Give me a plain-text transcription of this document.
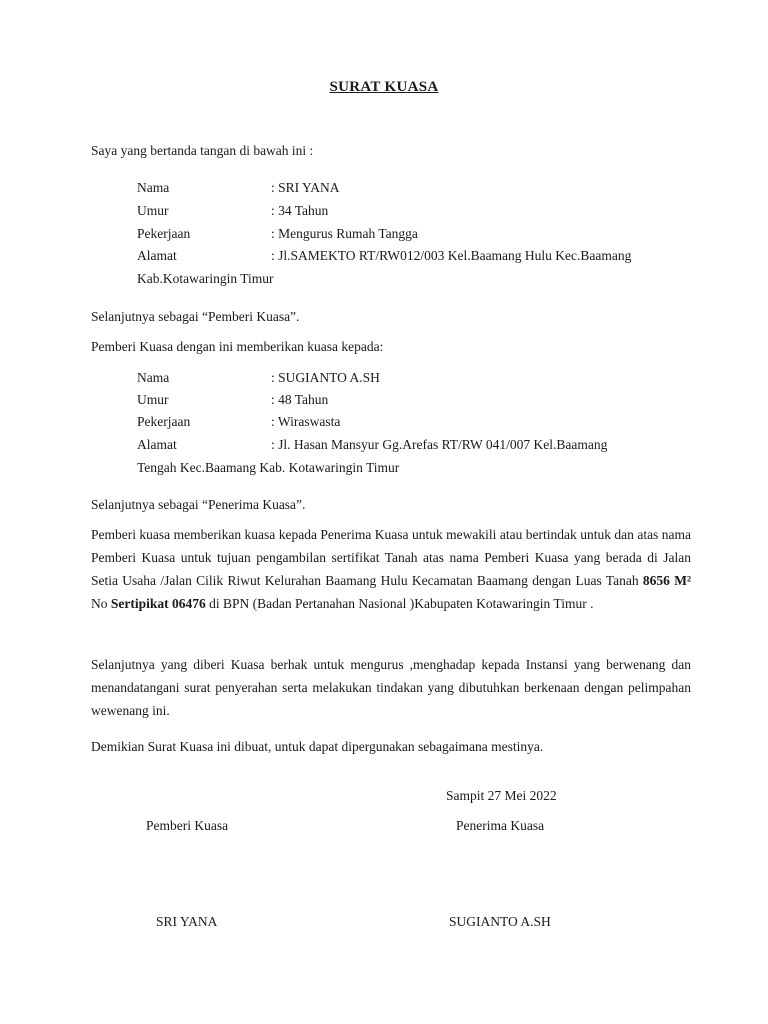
SURAT KUASA
Saya yang bertanda tangan di bawah ini :
Nama	: SRI YANA
Umur	: 34 Tahun
Pekerjaan	: Mengurus Rumah Tangga
Alamat	: Jl.SAMEKTO RT/RW012/003 Kel.Baamang Hulu Kec.Baamang
Kab.Kotawaringin Timur
Selanjutnya sebagai “Pemberi Kuasa”.
Pemberi Kuasa dengan ini memberikan kuasa kepada:
Nama	: SUGIANTO A.SH
Umur	: 48 Tahun
Pekerjaan	: Wiraswasta
Alamat	: Jl. Hasan Mansyur Gg.Arefas RT/RW 041/007 Kel.Baamang
Tengah Kec.Baamang Kab. Kotawaringin Timur
Selanjutnya sebagai “Penerima Kuasa”.
Pemberi kuasa memberikan kuasa kepada Penerima Kuasa untuk mewakili atau bertindak untuk dan atas nama Pemberi Kuasa untuk tujuan pengambilan sertifikat Tanah atas nama Pemberi Kuasa yang berada di Jalan Setia Usaha /Jalan Cilik Riwut Kelurahan Baamang Hulu Kecamatan Baamang dengan Luas Tanah 8656 M² No Sertipikat 06476 di BPN (Badan Pertanahan Nasional )Kabupaten Kotawaringin Timur .
Selanjutnya yang diberi Kuasa berhak untuk mengurus ,menghadap kepada Instansi yang berwenang dan menandatangani surat penyerahan serta melakukan tindakan yang dibutuhkan berkenaan dengan pelimpahan wewenang ini.
Demikian Surat Kuasa ini dibuat, untuk dapat dipergunakan sebagaimana mestinya.
Sampit 27 Mei 2022
Pemberi Kuasa	Penerima Kuasa
SRI YANA	SUGIANTO A.SH
